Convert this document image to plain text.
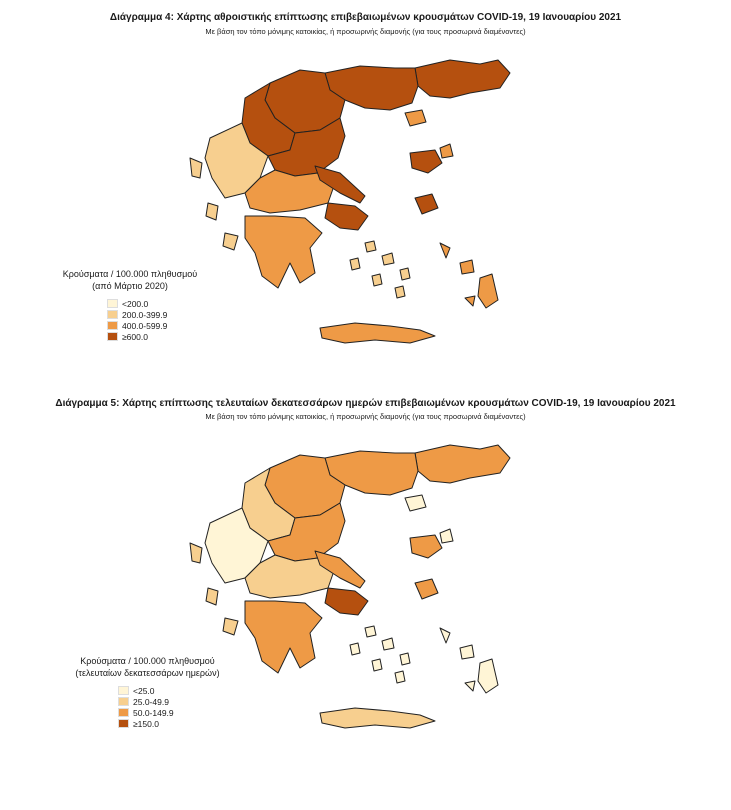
Διάγραμμα 4: Χάρτης αθροιστικής επίπτωσης επιβεβαιωμένων κρουσμάτων COVID-19, 19 Ιανουαρίου 2021
Με βάση τον τόπο μόνιμης κατοικίας, ή προσωρινής διαμονής (για τους προσωρινά διαμένοντες)
Κρούσματα / 100.000 πληθυσμού
(από Μάρτιο 2020)
<200.0
200.0-399.9
400.0-599.9
≥600.0
Διάγραμμα 5: Χάρτης επίπτωσης τελευταίων δεκατεσσάρων ημερών επιβεβαιωμένων κρουσμάτων COVID-19, 19 Ιανουαρίου 2021
Με βάση τον τόπο μόνιμης κατοικίας, ή προσωρινής διαμονής (για τους προσωρινά διαμένοντες)
Κρούσματα / 100.000 πληθυσμού
(τελευταίων δεκατεσσάρων ημερών)
<25.0
25.0-49.9
50.0-149.9
≥150.0
